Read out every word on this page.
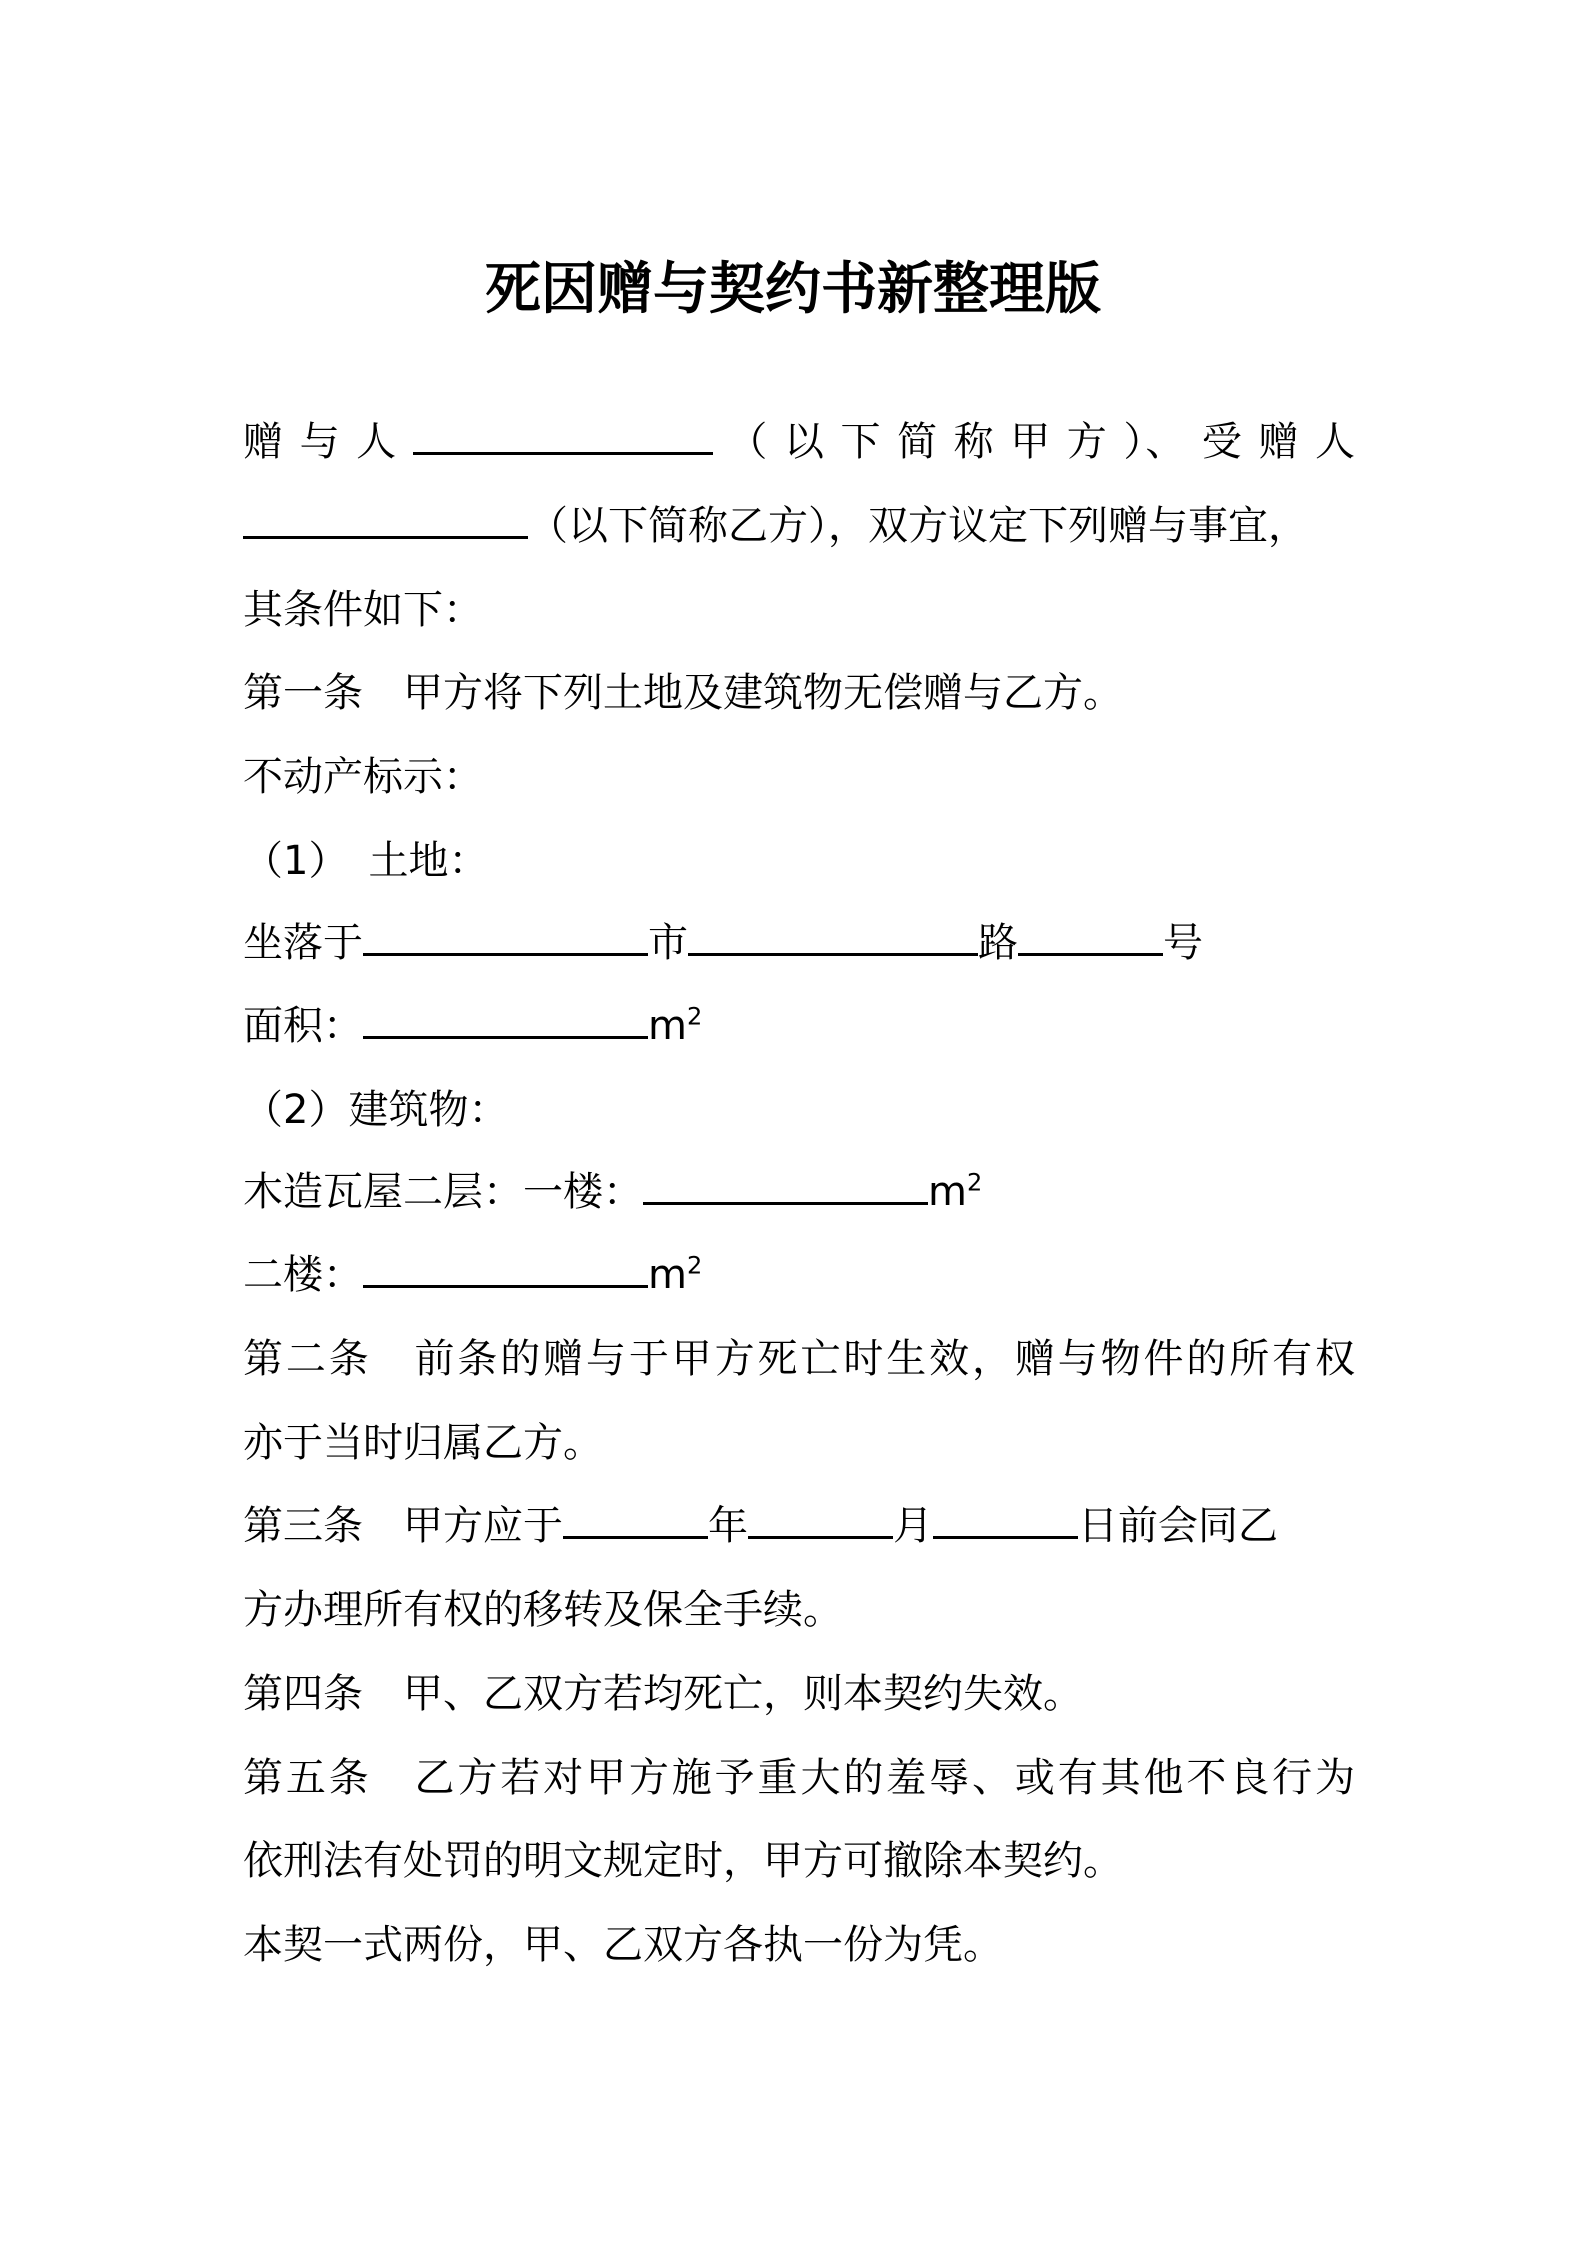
死因赠与契约书新整理版
赠 与 人	（ 以 下 简 称 甲 方 ）、 受 赠 人
（以下简称乙方），双方议定下列赠与事宜，
其条件如下：
第一条　甲方将下列土地及建筑物无偿赠与乙方。
不动产标示：
（1）　土地：
坐落于	市	路	号
面积：	$m^2$
（2）建筑物：
木造瓦屋二层：一楼：	$m^2$
二楼：	$m^2$
第二条　前条的赠与于甲方死亡时生效，赠与物件的所有权
亦于当时归属乙方。
第三条　甲方应于	年	月	日前会同乙
方办理所有权的移转及保全手续。
第四条　甲、乙双方若均死亡，则本契约失效。
第五条　乙方若对甲方施予重大的羞辱、或有其他不良行为
依刑法有处罚的明文规定时，甲方可撤除本契约。
本契一式两份，甲、乙双方各执一份为凭。
